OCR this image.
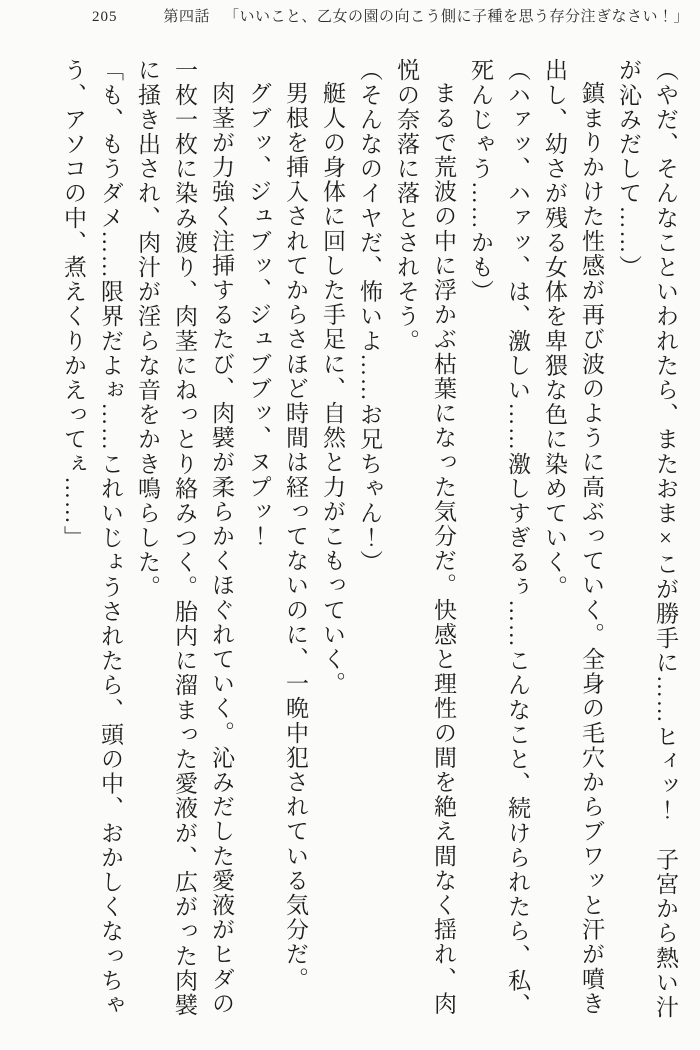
205	第四話 「いいこと、乙女の園の向こう側に子種を思う存分注ぎなさい！」

（やだ、そんなこといわれたら、またおま×こが勝手に……ヒィッ！　子宮から熱い汁が沁みだして……）

鎮まりかけた性感が再び波のように高ぶっていく。全身の毛穴からブワッと汗が噴き出し、幼さが残る女体を卑猥な色に染めていく。

（ハァッ、ハァッ、は、激しい……激しすぎるぅ……こんなこと、続けられたら、私、死んじゃう……かも）

まるで荒波の中に浮かぶ枯葉になった気分だ。快感と理性の間を絶え間なく揺れ、肉悦の奈落に落とされそう。

（そんなのイヤだ、怖いよ……お兄ちゃん！）

艇人の身体に回した手足に、自然と力がこもっていく。

男根を挿入されてからさほど時間は経ってないのに、一晩中犯されている気分だ。

グブッ、ジュブッ、ジュブブッ、ヌプッ！

肉茎が力強く注挿するたび、肉襞が柔らかくほぐれていく。沁みだした愛液がヒダの一枚一枚に染み渡り、肉茎にねっとり絡みつく。胎内に溜まった愛液が、広がった肉襞に掻き出され、肉汁が淫らな音をかき鳴らした。

「も、もうダメ……限界だよぉ……これいじょうされたら、頭の中、おかしくなっちゃう、アソコの中、煮えくりかえってぇ……」
